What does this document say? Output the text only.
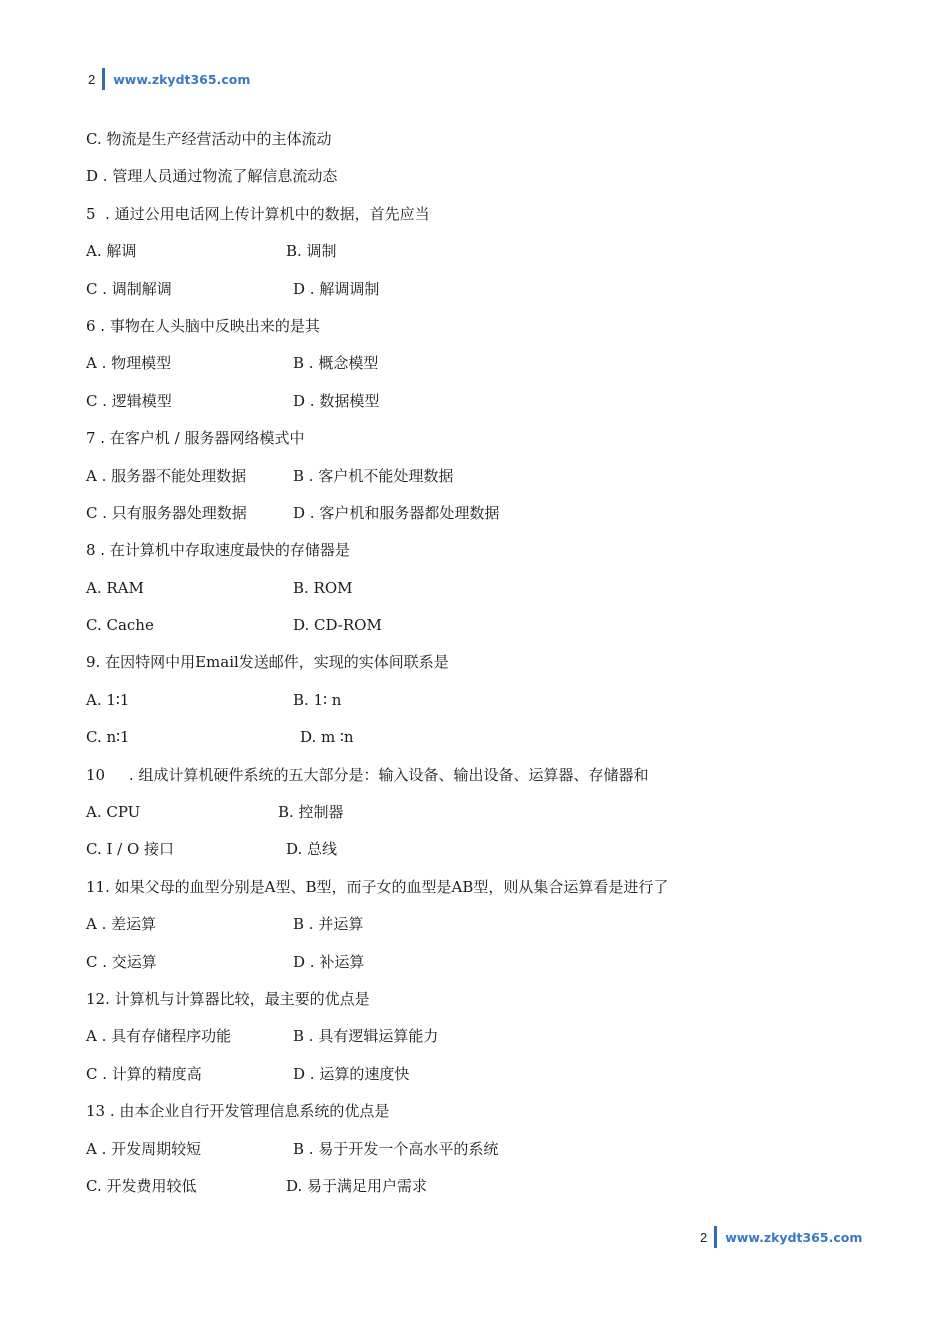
2 www.zkydt365.com
C. 物流是生产经营活动中的主体流动
D . 管理人员通过物流了解信息流动态
5  . 通过公用电话网上传计算机中的数据，首先应当
A. 解调	B. 调制
C . 调制解调	D . 解调调制
6 . 事物在人头脑中反映出来的是其
A . 物理模型	B . 概念模型
C . 逻辑模型	D . 数据模型
7 . 在客户机 / 服务器网络模式中
A . 服务器不能处理数据	B . 客户机不能处理数据
C . 只有服务器处理数据	D . 客户机和服务器都处理数据
8 . 在计算机中存取速度最快的存储器是
A. RAM	B. ROM
C. Cache	D. CD-ROM
9. 在因特网中用Email发送邮件，实现的实体间联系是
A. 1∶1	B. 1∶ n
C. n∶1	D. m ∶n
10     . 组成计算机硬件系统的五大部分是：输入设备、输出设备、运算器、存储器和
A. CPU	B. 控制器
C. I / O 接口	D. 总线
11. 如果父母的血型分别是A型、B型，而子女的血型是AB型，则从集合运算看是进行了
A . 差运算	B . 并运算
C . 交运算	D . 补运算
12. 计算机与计算器比较，最主要的优点是
A . 具有存储程序功能	B . 具有逻辑运算能力
C . 计算的精度高	D . 运算的速度快
13 . 由本企业自行开发管理信息系统的优点是
A . 开发周期较短	B . 易于开发一个高水平的系统
C. 开发费用较低	D. 易于满足用户需求
2 www.zkydt365.com
